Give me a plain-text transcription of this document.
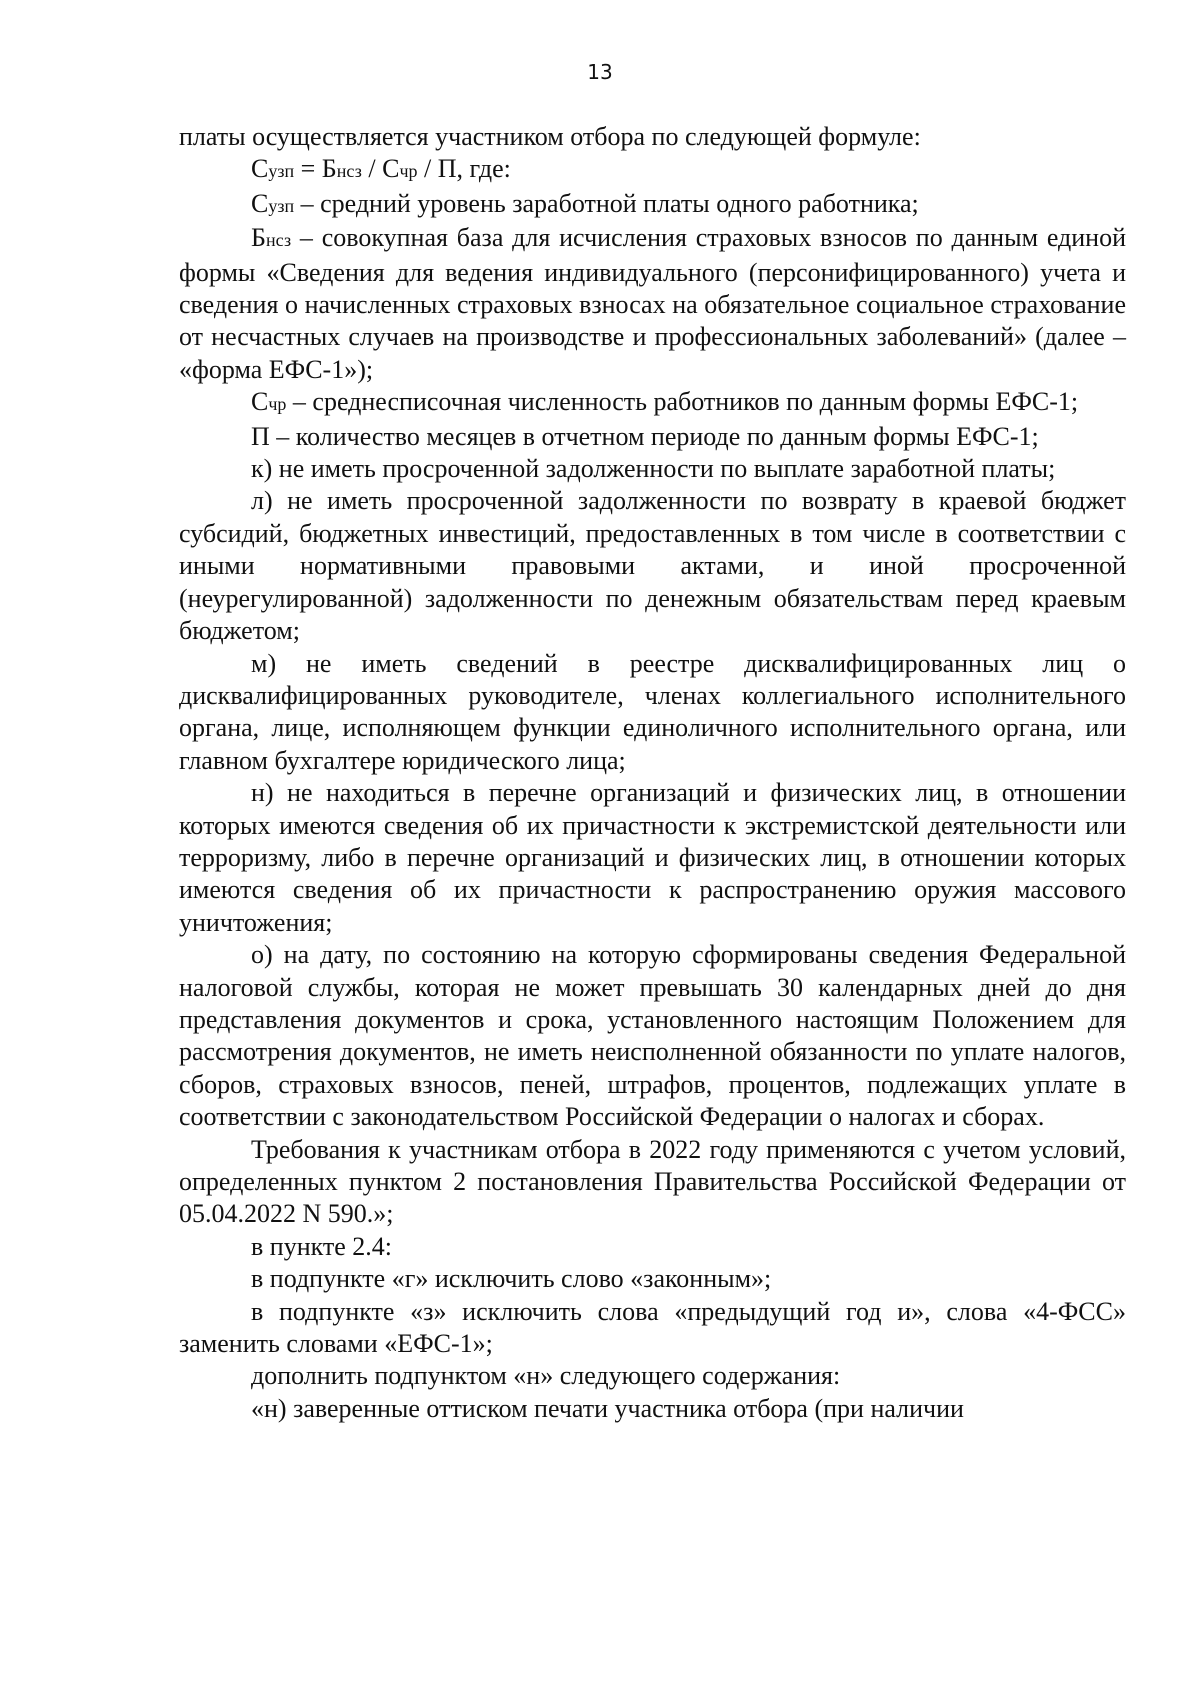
13

платы осуществляется участником отбора по следующей формуле:

Сузп = Бнсз / Счр / П, где:

Сузп – средний уровень заработной платы одного работника;

Бнсз – совокупная база для исчисления страховых взносов по данным единой формы «Сведения для ведения индивидуального (персонифицированного) учета и сведения о начисленных страховых взносах на обязательное социальное страхование от несчастных случаев на производстве и профессиональных заболеваний» (далее – «форма ЕФС-1»);

Счр – среднесписочная численность работников по данным формы ЕФС-1;

П – количество месяцев в отчетном периоде по данным формы ЕФС-1;

к) не иметь просроченной задолженности по выплате заработной платы;

л) не иметь просроченной задолженности по возврату в краевой бюджет субсидий, бюджетных инвестиций, предоставленных в том числе в соответствии с иными нормативными правовыми актами, и иной просроченной (неурегулированной) задолженности по денежным обязательствам перед краевым бюджетом;

м) не иметь сведений в реестре дисквалифицированных лиц о дисквалифицированных руководителе, членах коллегиального исполнительного органа, лице, исполняющем функции единоличного исполнительного органа, или главном бухгалтере юридического лица;

н) не находиться в перечне организаций и физических лиц, в отношении которых имеются сведения об их причастности к экстремистской деятельности или терроризму, либо в перечне организаций и физических лиц, в отношении которых имеются сведения об их причастности к распространению оружия массового уничтожения;

о) на дату, по состоянию на которую сформированы сведения Федеральной налоговой службы, которая не может превышать 30 календарных дней до дня представления документов и срока, установленного настоящим Положением для рассмотрения документов, не иметь неисполненной обязанности по уплате налогов, сборов, страховых взносов, пеней, штрафов, процентов, подлежащих уплате в соответствии с законодательством Российской Федерации о налогах и сборах.

Требования к участникам отбора в 2022 году применяются с учетом условий, определенных пунктом 2 постановления Правительства Российской Федерации от 05.04.2022 N 590.»;

в пункте 2.4:

в подпункте «г» исключить слово «законным»;

в подпункте «з» исключить слова «предыдущий год и», слова «4-ФСС» заменить словами «ЕФС-1»;

дополнить подпунктом «н» следующего содержания:

«н) заверенные оттиском печати участника отбора (при наличии
